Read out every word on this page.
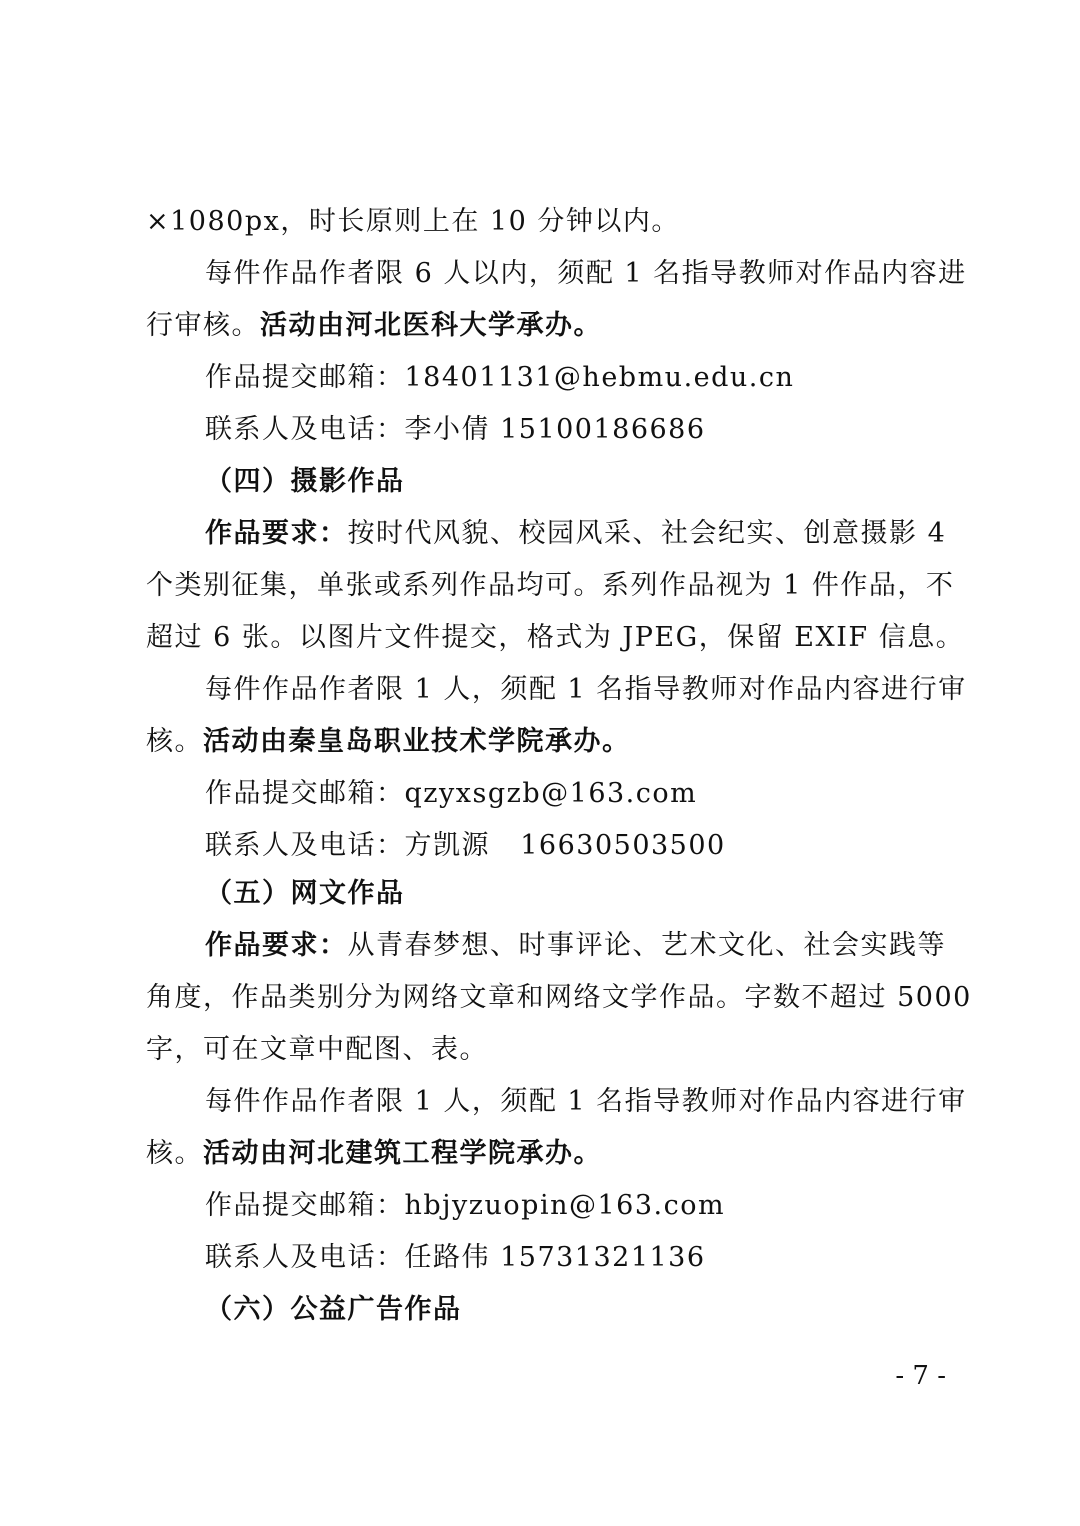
×1080px，时长原则上在 10 分钟以内。
每件作品作者限 6 人以内，须配 1 名指导教师对作品内容进
行审核。活动由河北医科大学承办。
作品提交邮箱：18401131@hebmu.edu.cn
联系人及电话：李小倩 15100186686
（四）摄影作品
作品要求：按时代风貌、校园风采、社会纪实、创意摄影 4
个类别征集，单张或系列作品均可。系列作品视为 1 件作品，不
超过 6 张。以图片文件提交，格式为 JPEG，保留 EXIF 信息。
每件作品作者限 1 人，须配 1 名指导教师对作品内容进行审
核。活动由秦皇岛职业技术学院承办。
作品提交邮箱：qzyxsgzb@163.com
联系人及电话：方凯源   16630503500
（五）网文作品
作品要求：从青春梦想、时事评论、艺术文化、社会实践等
角度，作品类别分为网络文章和网络文学作品。字数不超过 5000
字，可在文章中配图、表。
每件作品作者限 1 人，须配 1 名指导教师对作品内容进行审
核。活动由河北建筑工程学院承办。
作品提交邮箱：hbjyzuopin@163.com
联系人及电话：任路伟 15731321136
（六）公益广告作品
- 7 -
